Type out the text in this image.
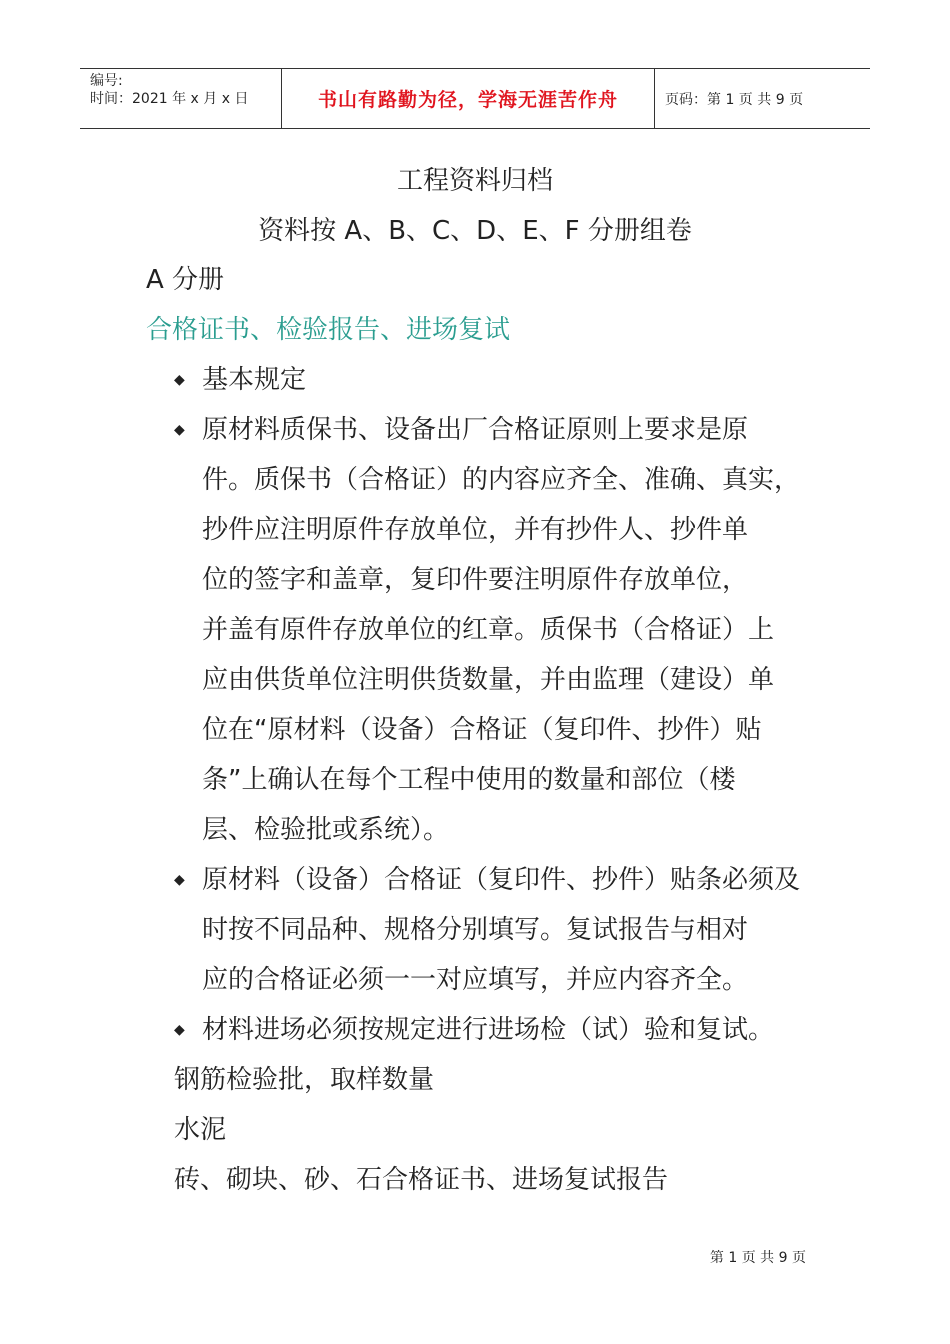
编号:
时间：2021 年 x 月 x 日	书山有路勤为径，学海无涯苦作舟	页码：第 1 页 共 9 页
工程资料归档
资料按 A、B、C、D、E、F 分册组卷
A 分册
合格证书、检验报告、进场复试
◆ 基本规定
◆ 原材料质保书、设备出厂合格证原则上要求是原
件。质保书（合格证）的内容应齐全、准确、真实，
抄件应注明原件存放单位，并有抄件人、抄件单
位的签字和盖章，复印件要注明原件存放单位，
并盖有原件存放单位的红章。质保书（合格证）上
应由供货单位注明供货数量，并由监理（建设）单
位在“原材料（设备）合格证（复印件、抄件）贴
条”上确认在每个工程中使用的数量和部位（楼
层、检验批或系统）。
◆ 原材料（设备）合格证（复印件、抄件）贴条必须及
时按不同品种、规格分别填写。复试报告与相对
应的合格证必须一一对应填写，并应内容齐全。
◆ 材料进场必须按规定进行进场检（试）验和复试。
钢筋检验批，取样数量
水泥
砖、砌块、砂、石合格证书、进场复试报告
第 1 页 共 9 页
